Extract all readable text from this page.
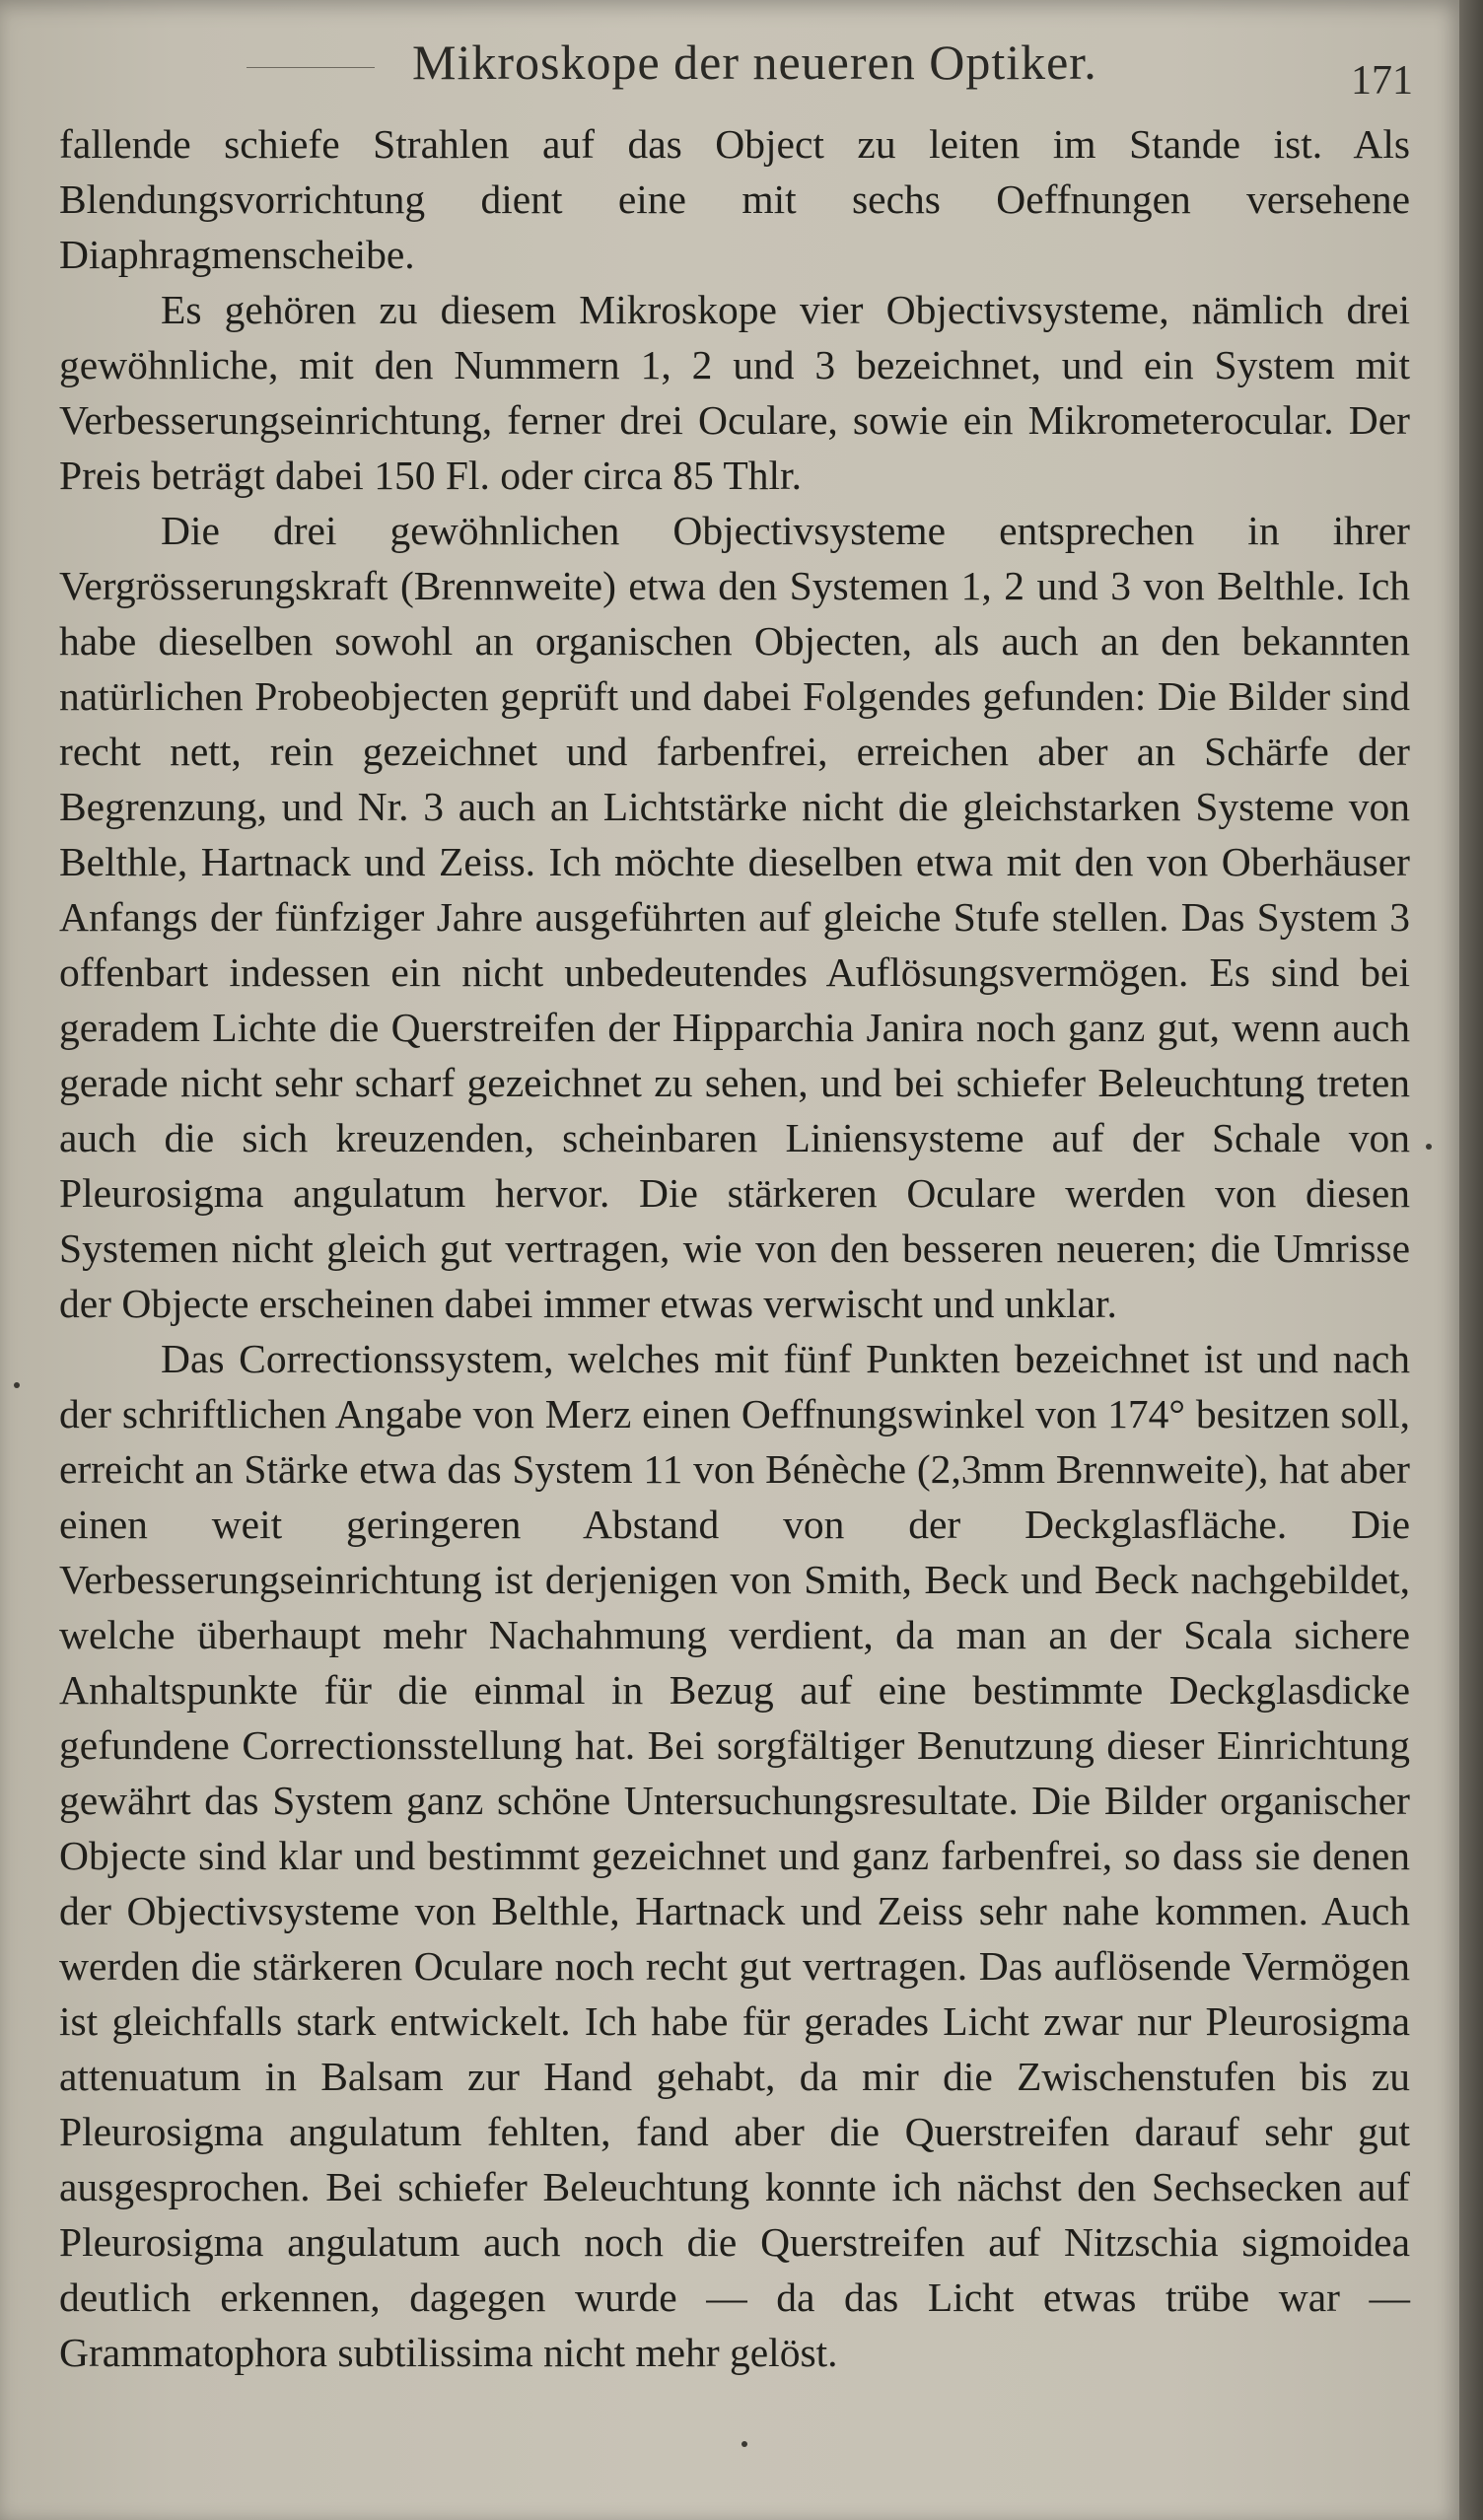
Mikroskope der neueren Optiker.	171

fallende schiefe Strahlen auf das Object zu leiten im Stande ist. Als Blendungsvorrichtung dient eine mit sechs Oeffnungen versehene Diaphragmenscheibe.

Es gehören zu diesem Mikroskope vier Objectivsysteme, nämlich drei gewöhnliche, mit den Nummern 1, 2 und 3 bezeichnet, und ein System mit Verbesserungseinrichtung, ferner drei Oculare, sowie ein Mikrometerocular. Der Preis beträgt dabei 150 Fl. oder circa 85 Thlr.

Die drei gewöhnlichen Objectivsysteme entsprechen in ihrer Vergrösserungskraft (Brennweite) etwa den Systemen 1, 2 und 3 von Belthle. Ich habe dieselben sowohl an organischen Objecten, als auch an den bekannten natürlichen Probeobjecten geprüft und dabei Folgendes gefunden: Die Bilder sind recht nett, rein gezeichnet und farbenfrei, erreichen aber an Schärfe der Begrenzung, und Nr. 3 auch an Lichtstärke nicht die gleichstarken Systeme von Belthle, Hartnack und Zeiss. Ich möchte dieselben etwa mit den von Oberhäuser Anfangs der fünfziger Jahre ausgeführten auf gleiche Stufe stellen. Das System 3 offenbart indessen ein nicht unbedeutendes Auflösungsvermögen. Es sind bei geradem Lichte die Querstreifen der Hipparchia Janira noch ganz gut, wenn auch gerade nicht sehr scharf gezeichnet zu sehen, und bei schiefer Beleuchtung treten auch die sich kreuzenden, scheinbaren Liniensysteme auf der Schale von Pleurosigma angulatum hervor. Die stärkeren Oculare werden von diesen Systemen nicht gleich gut vertragen, wie von den besseren neueren; die Umrisse der Objecte erscheinen dabei immer etwas verwischt und unklar.

Das Correctionssystem, welches mit fünf Punkten bezeichnet ist und nach der schriftlichen Angabe von Merz einen Oeffnungswinkel von 174° besitzen soll, erreicht an Stärke etwa das System 11 von Bénèche (2,3mm Brennweite), hat aber einen weit geringeren Abstand von der Deckglasfläche. Die Verbesserungseinrichtung ist derjenigen von Smith, Beck und Beck nachgebildet, welche überhaupt mehr Nachahmung verdient, da man an der Scala sichere Anhaltspunkte für die einmal in Bezug auf eine bestimmte Deckglasdicke gefundene Correctionsstellung hat. Bei sorgfältiger Benutzung dieser Einrichtung gewährt das System ganz schöne Untersuchungsresultate. Die Bilder organischer Objecte sind klar und bestimmt gezeichnet und ganz farbenfrei, so dass sie denen der Objectivsysteme von Belthle, Hartnack und Zeiss sehr nahe kommen. Auch werden die stärkeren Oculare noch recht gut vertragen. Das auflösende Vermögen ist gleichfalls stark entwickelt. Ich habe für gerades Licht zwar nur Pleurosigma attenuatum in Balsam zur Hand gehabt, da mir die Zwischenstufen bis zu Pleurosigma angulatum fehlten, fand aber die Querstreifen darauf sehr gut ausgesprochen. Bei schiefer Beleuchtung konnte ich nächst den Sechsecken auf Pleurosigma angulatum auch noch die Querstreifen auf Nitzschia sigmoidea deutlich erkennen, dagegen wurde — da das Licht etwas trübe war — Grammatophora subtilissima nicht mehr gelöst.
